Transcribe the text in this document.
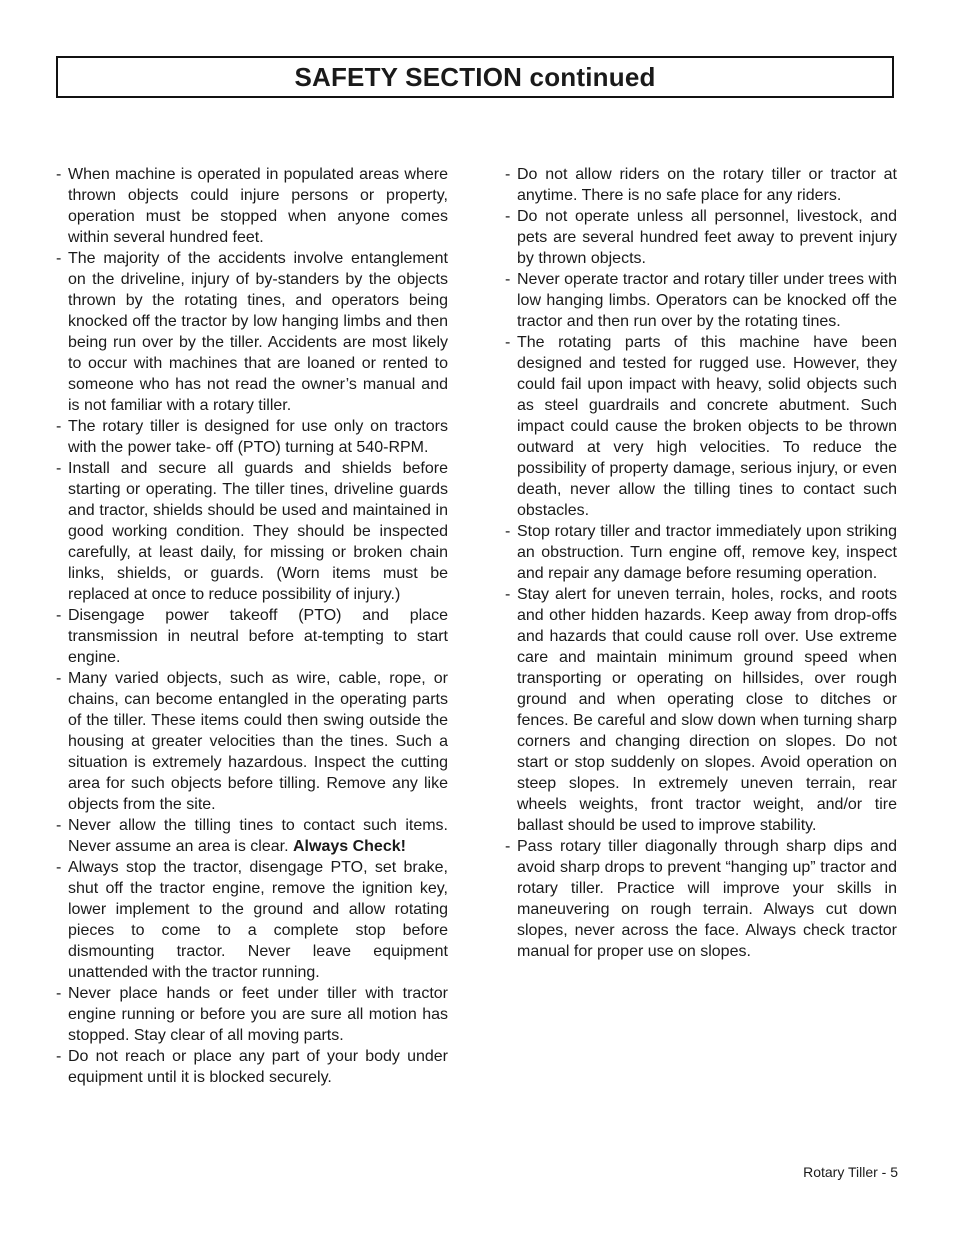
SAFETY SECTION continued
- When machine is operated in populated areas where thrown objects could injure persons or property, operation must be stopped when anyone comes within several hundred feet.
- The majority of the accidents involve entanglement on the driveline, injury of by-standers by the objects thrown by the rotating tines, and operators being knocked off the tractor by low hanging limbs and then being run over by the tiller. Accidents are most likely to occur with machines that are loaned or rented to someone who has not read the owner’s manual and is not familiar with a rotary tiller.
- The rotary tiller is designed for use only on tractors with the power take- off (PTO) turning at 540-RPM.
- Install and secure all guards and shields before starting or operating. The tiller tines, driveline guards and tractor, shields should be used and maintained in good working condition. They should be inspected carefully, at least daily, for missing or broken chain links, shields, or guards. (Worn items must be replaced at once to reduce possibility of injury.)
- Disengage power takeoff (PTO) and place transmission in neutral before at-tempting to start engine.
- Many varied objects, such as wire, cable, rope, or chains, can become entangled in the operating parts of the tiller. These items could then swing outside the housing at greater velocities than the tines. Such a situation is extremely hazardous. Inspect the cutting area for such objects before tilling. Remove any like objects from the site.
- Never allow the tilling tines to contact such items. Never assume an area is clear. Always Check!
- Always stop the tractor, disengage PTO, set brake, shut off the tractor engine, remove the ignition key, lower implement to the ground and allow rotating pieces to come to a complete stop before dismounting tractor. Never leave equipment unattended with the tractor running.
- Never place hands or feet under tiller with tractor engine running or before you are sure all motion has stopped. Stay clear of all moving parts.
- Do not reach or place any part of your body under equipment until it is blocked securely.
- Do not allow riders on the rotary tiller or tractor at anytime. There is no safe place for any riders.
- Do not operate unless all personnel, livestock, and pets are several hundred feet away to prevent injury by thrown objects.
- Never operate tractor and rotary tiller under trees with low hanging limbs. Operators can be knocked off the tractor and then run over by the rotating tines.
- The rotating parts of this machine have been designed and tested for rugged use. However, they could fail upon impact with heavy, solid objects such as steel guardrails and concrete abutment. Such impact could cause the broken objects to be thrown outward at very high velocities. To reduce the possibility of property damage, serious injury, or even death, never allow the tilling tines to contact such obstacles.
- Stop rotary tiller and tractor immediately upon striking an obstruction. Turn engine off, remove key, inspect and repair any damage before resuming operation.
- Stay alert for uneven terrain, holes, rocks, and roots and other hidden hazards. Keep away from drop-offs and hazards that could cause roll over. Use extreme care and maintain minimum ground speed when transporting or operating on hillsides, over rough ground and when operating close to ditches or fences. Be careful and slow down when turning sharp corners and changing direction on slopes. Do not start or stop suddenly on slopes. Avoid operation on steep slopes. In extremely uneven terrain, rear wheels weights, front tractor weight, and/or tire ballast should be used to improve stability.
- Pass rotary tiller diagonally through sharp dips and avoid sharp drops to prevent “hanging up” tractor and rotary tiller. Practice will improve your skills in maneuvering on rough terrain. Always cut down slopes, never across the face. Always check tractor manual for proper use on slopes.
Rotary Tiller - 5
